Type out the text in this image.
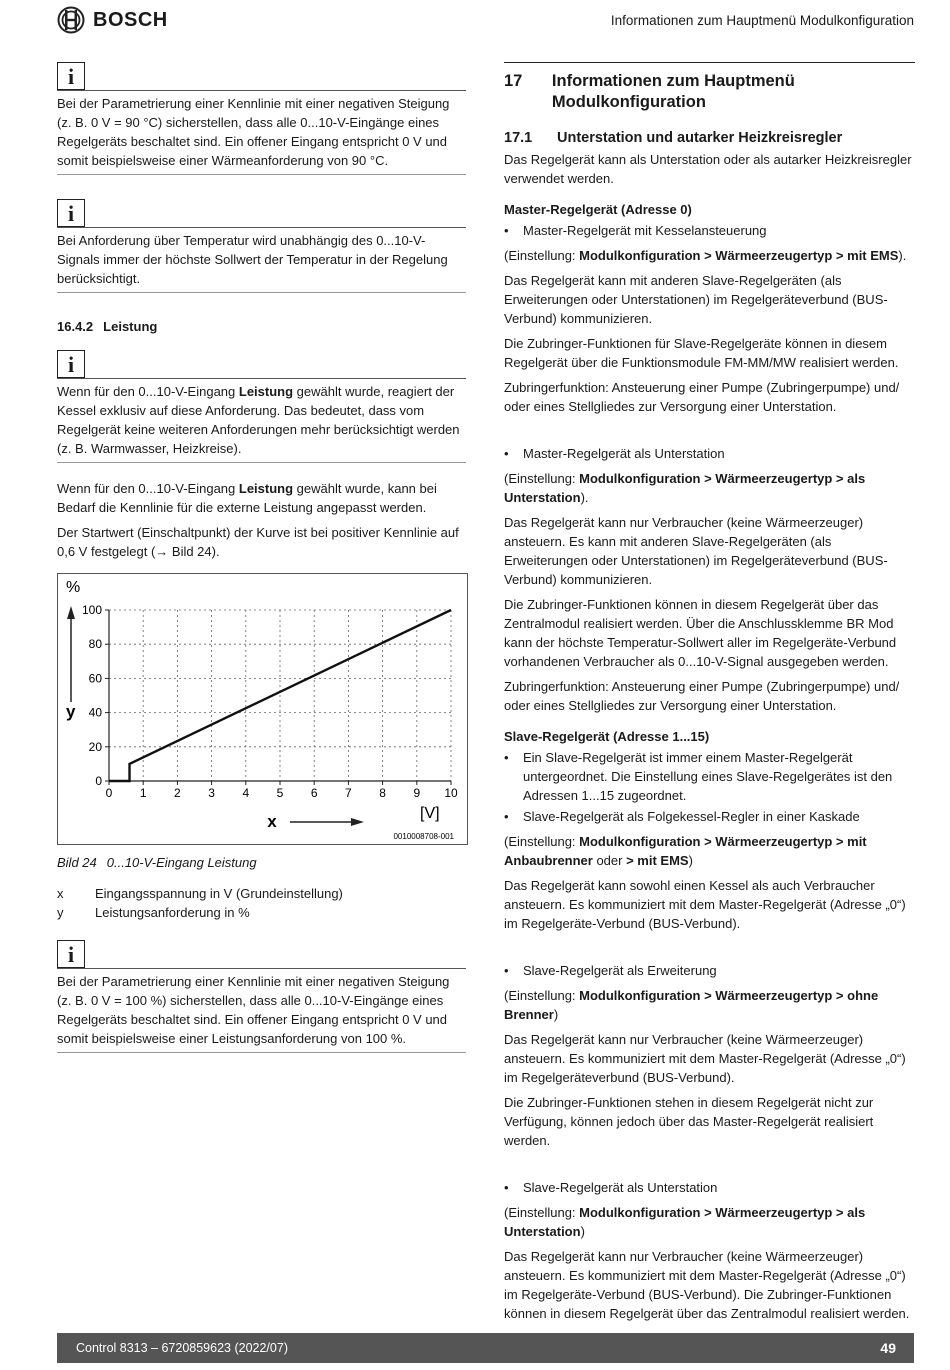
BOSCH	Informationen zum Hauptmenü Modulkonfiguration
i
Bei der Parametrierung einer Kennlinie mit einer negativen Steigung (z. B. 0 V = 90 °C) sicherstellen, dass alle 0...10-V-Eingänge eines Regelgeräts beschaltet sind. Ein offener Eingang entspricht 0 V und somit beispielsweise einer Wärmeanforderung von 90 °C.
i
Bei Anforderung über Temperatur wird unabhängig des 0...10-V-Signals immer der höchste Sollwert der Temperatur in der Regelung berücksichtigt.
16.4.2 Leistung
i
Wenn für den 0...10-V-Eingang Leistung gewählt wurde, reagiert der Kessel exklusiv auf diese Anforderung. Das bedeutet, dass vom Regelgerät keine weiteren Anforderungen mehr berücksichtigt werden (z. B. Warmwasser, Heizkreise).

Wenn für den 0...10-V-Eingang Leistung gewählt wurde, kann bei Bedarf die Kennlinie für die externe Leistung angepasst werden.

Der Startwert (Einschaltpunkt) der Kurve ist bei positiver Kennlinie auf 0,6 V festgelegt (→ Bild 24).

0 1 2 3 4 5 6 7 8 9 10
0
20
40
60
80
100
%
y
[V]
x
0010008708-001
Bild 24 0...10-V-Eingang Leistung
x	Eingangsspannung in V (Grundeinstellung)
y	Leistungsanforderung in %
i
Bei der Parametrierung einer Kennlinie mit einer negativen Steigung (z. B. 0 V = 100 %) sicherstellen, dass alle 0...10-V-Eingänge eines Regelgeräts beschaltet sind. Ein offener Eingang entspricht 0 V und somit beispielsweise einer Leistungsanforderung von 100 %.
17	Informationen zum Hauptmenü Modulkonfiguration
17.1	Unterstation und autarker Heizkreisregler

Das Regelgerät kann als Unterstation oder als autarker Heizkreisregler verwendet werden.

Master-Regelgerät (Adresse 0)
•	Master-Regelgerät mit Kesselansteuerung

(Einstellung: Modulkonfiguration > Wärmeerzeugertyp > mit EMS).

Das Regelgerät kann mit anderen Slave-Regelgeräten (als Erweiterungen oder Unterstationen) im Regelgeräteverbund (BUS-Verbund) kommunizieren.

Die Zubringer-Funktionen für Slave-Regelgeräte können in diesem Regelgerät über die Funktionsmodule FM-MM/MW realisiert werden.

Zubringerfunktion: Ansteuerung einer Pumpe (Zubringerpumpe) und/ oder eines Stellgliedes zur Versorgung einer Unterstation.

•	Master-Regelgerät als Unterstation

(Einstellung: Modulkonfiguration > Wärmeerzeugertyp > als Unterstation).

Das Regelgerät kann nur Verbraucher (keine Wärmeerzeuger) ansteuern. Es kann mit anderen Slave-Regelgeräten (als Erweiterungen oder Unterstationen) im Regelgeräteverbund (BUS-Verbund) kommunizieren.

Die Zubringer-Funktionen können in diesem Regelgerät über das Zentralmodul realisiert werden. Über die Anschlussklemme BR Mod kann der höchste Temperatur-Sollwert aller im Regelgeräte-Verbund vorhandenen Verbraucher als 0...10-V-Signal ausgegeben werden.

Zubringerfunktion: Ansteuerung einer Pumpe (Zubringerpumpe) und/ oder eines Stellgliedes zur Versorgung einer Unterstation.

Slave-Regelgerät (Adresse 1...15)
•	Ein Slave-Regelgerät ist immer einem Master-Regelgerät untergeordnet. Die Einstellung eines Slave-Regelgerätes ist den Adressen 1...15 zugeordnet.
•	Slave-Regelgerät als Folgekessel-Regler in einer Kaskade

(Einstellung: Modulkonfiguration > Wärmeerzeugertyp > mit Anbaubrenner oder > mit EMS)

Das Regelgerät kann sowohl einen Kessel als auch Verbraucher ansteuern. Es kommuniziert mit dem Master-Regelgerät (Adresse „0“) im Regelgeräte-Verbund (BUS-Verbund).

•	Slave-Regelgerät als Erweiterung

(Einstellung: Modulkonfiguration > Wärmeerzeugertyp > ohne Brenner)

Das Regelgerät kann nur Verbraucher (keine Wärmeerzeuger) ansteuern. Es kommuniziert mit dem Master-Regelgerät (Adresse „0“) im Regelgeräteverbund (BUS-Verbund).

Die Zubringer-Funktionen stehen in diesem Regelgerät nicht zur Verfügung, können jedoch über das Master-Regelgerät realisiert werden.

•	Slave-Regelgerät als Unterstation

(Einstellung: Modulkonfiguration > Wärmeerzeugertyp > als Unterstation)

Das Regelgerät kann nur Verbraucher (keine Wärmeerzeuger) ansteuern. Es kommuniziert mit dem Master-Regelgerät (Adresse „0“) im Regelgeräte-Verbund (BUS-Verbund). Die Zubringer-Funktionen können in diesem Regelgerät über das Zentralmodul realisiert werden.

Control 8313 – 6720859623 (2022/07)	49
